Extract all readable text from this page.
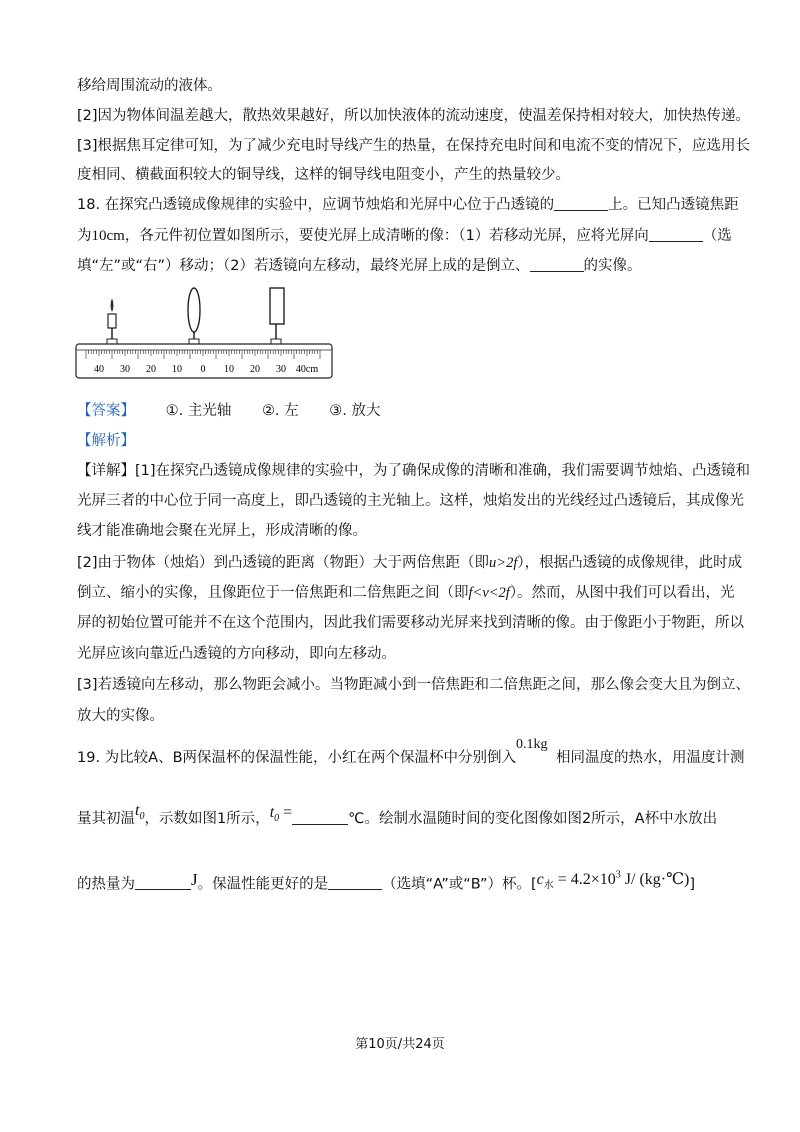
移给周围流动的液体。
[2]因为物体间温差越大，散热效果越好，所以加快液体的流动速度，使温差保持相对较大，加快热传递。
[3]根据焦耳定律可知，为了减少充电时导线产生的热量，在保持充电时间和电流不变的情况下，应选用长
度相同、横截面积较大的铜导线，这样的铜导线电阻变小，产生的热量较少。
18. 在探究凸透镜成像规律的实验中，应调节烛焰和光屏中心位于凸透镜的	上。已知凸透镜焦距
为10cm，各元件初位置如图所示，要使光屏上成清晰的像：（1）若移动光屏，应将光屏向	（选
填“左”或“右”）移动；（2）若透镜向左移动，最终光屏上成的是倒立、	的实像。
40 30 20 10 0 10 20 30 40cm
【答案】 ①. 主光轴 ②. 左 ③. 放大
【解析】
【详解】[1]在探究凸透镜成像规律的实验中，为了确保成像的清晰和准确，我们需要调节烛焰、凸透镜和
光屏三者的中心位于同一高度上，即凸透镜的主光轴上。这样，烛焰发出的光线经过凸透镜后，其成像光
线才能准确地会聚在光屏上，形成清晰的像。
[2]由于物体（烛焰）到凸透镜的距离（物距）大于两倍焦距（即u>2f），根据凸透镜的成像规律，此时成
倒立、缩小的实像，且像距位于一倍焦距和二倍焦距之间（即f<v<2f）。然而，从图中我们可以看出，光
屏的初始位置可能并不在这个范围内，因此我们需要移动光屏来找到清晰的像。由于像距小于物距，所以
光屏应该向靠近凸透镜的方向移动，即向左移动。
[3]若透镜向左移动，那么物距会减小。当物距减小到一倍焦距和二倍焦距之间，那么像会变大且为倒立、
放大的实像。
19. 为比较A、B两保温杯的保温性能，小红在两个保温杯中分别倒入0.1kg相同温度的热水，用温度计测
量其初温$t_0$，示数如图1所示，$t_0$ =	℃。绘制水温随时间的变化图像如图2所示，A杯中水放出
的热量为	J。保温性能更好的是	（选填“A”或“B”）杯。[$c_水 = 4.2\times 10^3$ J/ (kg·℃)]
第10页/共24页
